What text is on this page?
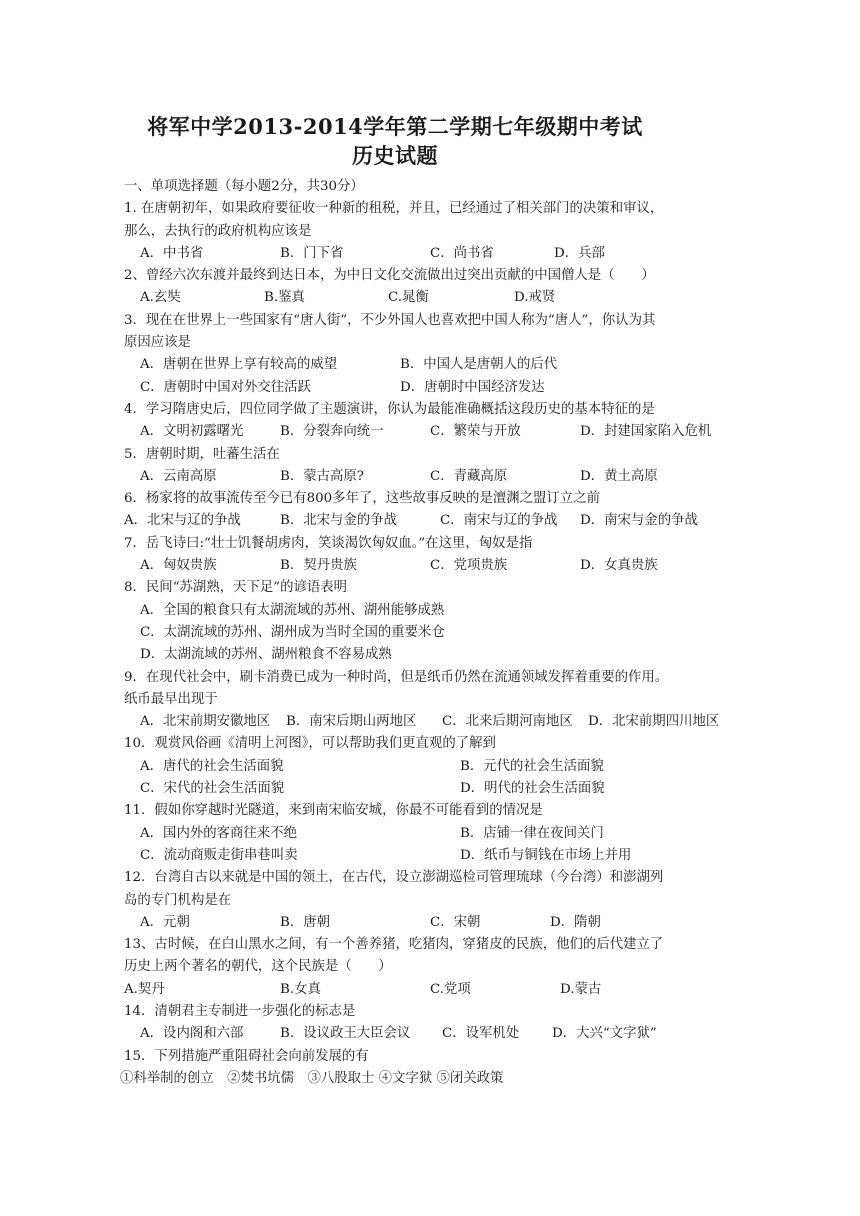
将军中学2013-2014学年第二学期七年级期中考试
历史试题
一、单项选择题（每小题2分，共30分）
1. 在唐朝初年，如果政府要征收一种新的租税，并且，已经通过了相关部门的决策和审议，
那么，去执行的政府机构应该是
A．中书省	B．门下省	C．尚书省	D．兵部
2、曾经六次东渡并最终到达日本，为中日文化交流做出过突出贡献的中国僧人是（　　）
A.玄奘	B.鉴真	C.晁衡	D.戒贤
3．现在在世界上一些国家有“唐人街”，不少外国人也喜欢把中国人称为“唐人”，你认为其
原因应该是
A．唐朝在世界上享有较高的威望	B．中国人是唐朝人的后代
C．唐朝时中国对外交往活跃	D．唐朝时中国经济发达
4．学习隋唐史后，四位同学做了主题演讲，你认为最能准确概括这段历史的基本特征的是
A．文明初露曙光	B．分裂奔向统一	C．繁荣与开放	D．封建国家陷入危机
5．唐朝时期，吐蕃生活在
A．云南高原	B．蒙古高原?	C．青藏高原	D．黄土高原
6．杨家将的故事流传至今已有800多年了，这些故事反映的是澶渊之盟订立之前
A．北宋与辽的争战	B．北宋与金的争战	C．南宋与辽的争战 D．南宋与金的争战
7．岳飞诗曰:“壮士饥餐胡虏肉，笑谈渴饮匈奴血。”在这里，匈奴是指
A．匈奴贵族	B．契丹贵族	C．党项贵族	D．女真贵族
8．民间“苏湖熟，天下足”的谚语表明
A．全国的粮食只有太湖流域的苏州、湖州能够成熟
C．太湖流域的苏州、湖州成为当时全国的重要米仓
D．太湖流域的苏州、湖州粮食不容易成熟
9．在现代社会中，刷卡消费已成为一种时尚，但是纸币仍然在流通领域发挥着重要的作用。
纸币最早出现于
A．北宋前期安徽地区 B．南宋后期山两地区 C．北来后期河南地区 D．北宋前期四川地区
10．观赏风俗画《清明上河图》，可以帮助我们更直观的了解到
A．唐代的社会生活面貌	B．元代的社会生活面貌
C．宋代的社会生活面貌	D．明代的社会生活面貌
11．假如你穿越时光隧道，来到南宋临安城，你最不可能看到的情况是
A．国内外的客商往来不绝	B．店铺一律在夜间关门
C．流动商贩走街串巷叫卖	D．纸币与铜钱在市场上并用
12．台湾自古以来就是中国的领土，在古代，设立澎湖巡检司管理琉球（今台湾）和澎湖列
岛的专门机构是在
A．元朝	B．唐朝	C．宋朝	D．隋朝
13、古时候，在白山黑水之间，有一个善养猪，吃猪肉，穿猪皮的民族，他们的后代建立了
历史上两个著名的朝代，这个民族是（　　）
A.契丹	B.女真	C.党项	D.蒙古
14．清朝君主专制进一步强化的标志是
A．设内阁和六部	B．设议政王大臣会议 C．设军机处 D．大兴“文字狱”
15．下列措施严重阻碍社会向前发展的有
①科举制的创立　②焚书坑儒　③八股取士 ④文字狱 ⑤闭关政策
